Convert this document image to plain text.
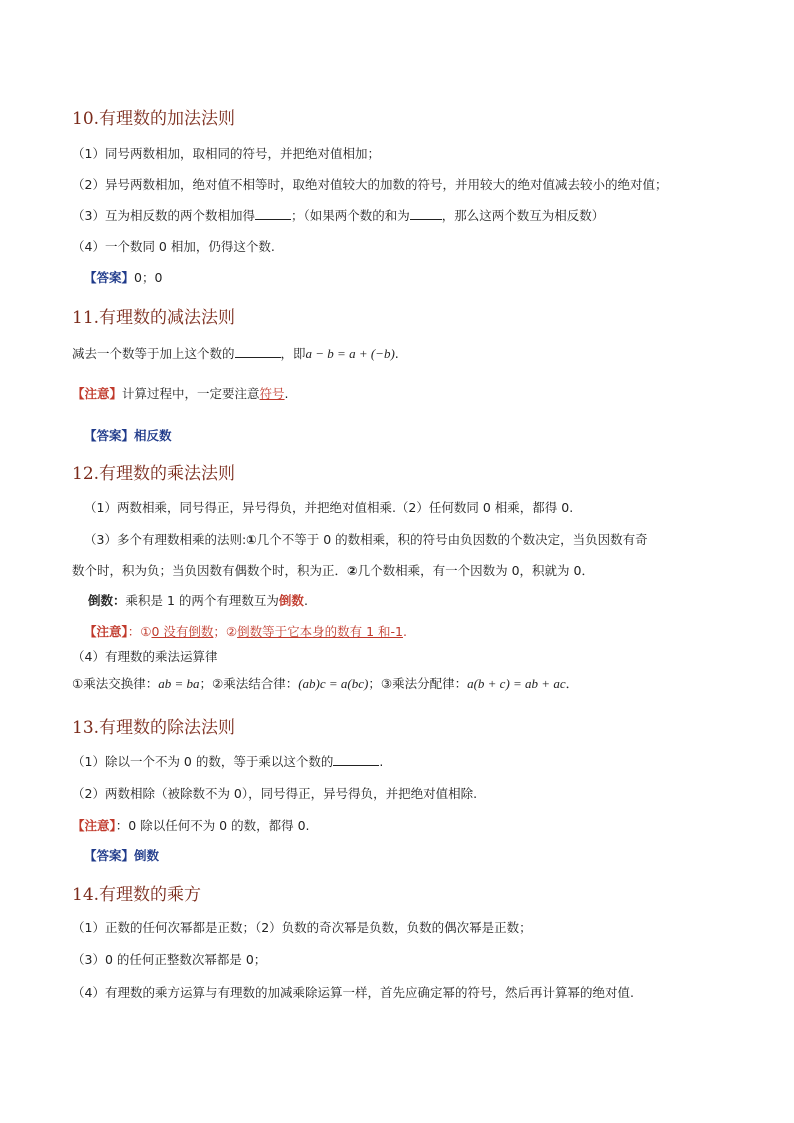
10.有理数的加法法则
（1）同号两数相加，取相同的符号，并把绝对值相加；
（2）异号两数相加，绝对值不相等时，取绝对值较大的加数的符号，并用较大的绝对值减去较小的绝对值；
（3）互为相反数的两个数相加得	；（如果两个数的和为	，那么这两个数互为相反数）
（4）一个数同 0 相加，仍得这个数.
【答案】0；0
11.有理数的减法法则
减去一个数等于加上这个数的	，即a − b = a + (−b).
【注意】计算过程中，一定要注意符号.
【答案】相反数
12.有理数的乘法法则
（1）两数相乘，同号得正，异号得负，并把绝对值相乘.（2）任何数同 0 相乘，都得 0.
（3）多个有理数相乘的法则:①几个不等于 0 的数相乘，积的符号由负因数的个数决定，当负因数有奇
数个时，积为负；当负因数有偶数个时，积为正．②几个数相乘，有一个因数为 0，积就为 0．
倒数：乘积是 1 的两个有理数互为倒数.
【注意】：①0 没有倒数；②倒数等于它本身的数有 1 和-1.
（4）有理数的乘法运算律
①乘法交换律：ab = ba；②乘法结合律：(ab)c = a(bc)；③乘法分配律：a(b + c) = ab + ac．
13.有理数的除法法则
（1）除以一个不为 0 的数，等于乘以这个数的	.
（2）两数相除（被除数不为 0），同号得正，异号得负，并把绝对值相除.
【注意】：0 除以任何不为 0 的数，都得 0.
【答案】倒数
14.有理数的乘方
（1）正数的任何次幂都是正数；（2）负数的奇次幂是负数，负数的偶次幂是正数；
（3）0 的任何正整数次幂都是 0；
（4）有理数的乘方运算与有理数的加减乘除运算一样，首先应确定幂的符号，然后再计算幂的绝对值.
